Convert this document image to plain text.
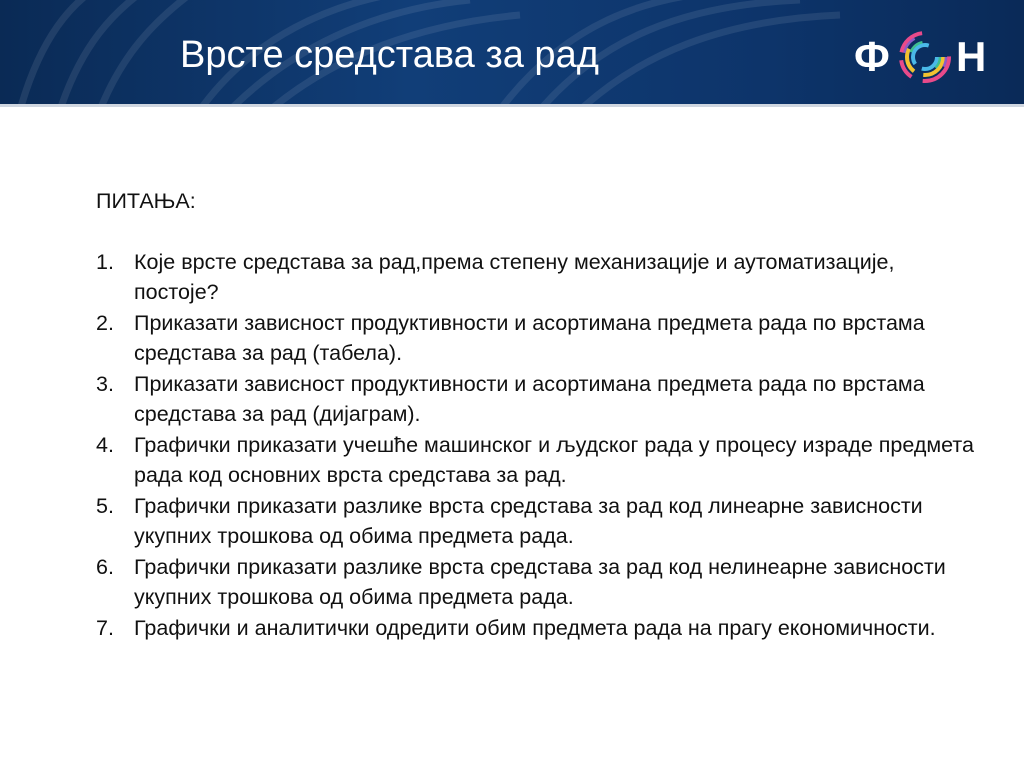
Врсте средстава за рад	Ф Н

ПИТАЊА:

1. Које врсте средстава за рад,према степену механизације и аутоматизације, постоје?
2. Приказати зависност продуктивности и асортимана предмета рада по врстама средстава за рад (табела).
3. Приказати зависност продуктивности и асортимана предмета рада по врстама средстава за рад (дијаграм).
4. Графички приказати учешће машинског и људског рада у процесу израде предмета рада код основних врста средстава за рад.
5. Графички приказати разлике врста средстава за рад код линеарне зависности укупних трошкова од обима предмета рада.
6. Графички приказати разлике врста средстава за рад код нелинеарне зависности укупних трошкова од обима предмета рада.
7. Графички и аналитички одредити обим предмета рада на прагу економичности.
